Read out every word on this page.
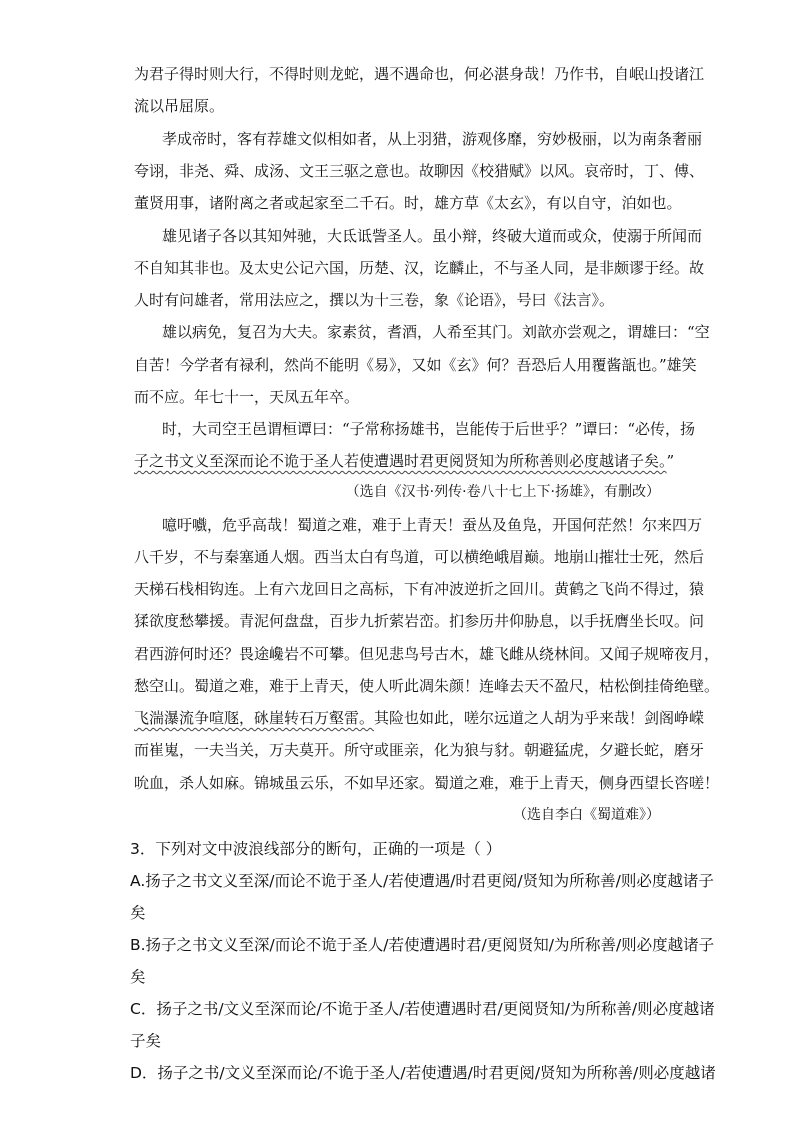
为君子得时则大行，不得时则龙蛇，遇不遇命也，何必湛身哉！乃作书，自岷山投诸江
流以吊屈原。
孝成帝时，客有荐雄文似相如者，从上羽猎，游观侈靡，穷妙极丽，以为南条奢丽
夸诩，非尧、舜、成汤、文王三驱之意也。故聊因《校猎赋》以风。哀帝时，丁、傅、
董贤用事，诸附离之者或起家至二千石。时，雄方草《太玄》，有以自守，泊如也。
雄见诸子各以其知舛驰，大氐诋訾圣人。虽小辩，终破大道而或众，使溺于所闻而
不自知其非也。及太史公记六国，历楚、汉，讫麟止，不与圣人同，是非颇谬于经。故
人时有问雄者，常用法应之，撰以为十三卷，象《论语》，号曰《法言》。
雄以病免，复召为大夫。家素贫，耆酒，人希至其门。刘歆亦尝观之，谓雄曰：“空
自苦！今学者有禄利，然尚不能明《易》，又如《玄》何？吾恐后人用覆酱瓿也。”雄笑
而不应。年七十一，天凤五年卒。
时，大司空王邑谓桓谭曰：“子常称扬雄书，岂能传于后世乎？”谭曰：“必传，扬
子之书文义至深而论不诡于圣人若使遭遇时君更阅贤知为所称善则必度越诸子矣。”
（选自《汉书·列传·卷八十七上下·扬雄》，有删改）
噫吁嚱，危乎高哉！蜀道之难，难于上青天！蚕丛及鱼凫，开国何茫然！尔来四万
八千岁，不与秦塞通人烟。西当太白有鸟道，可以横绝峨眉巅。地崩山摧壮士死，然后
天梯石栈相钩连。上有六龙回日之高标，下有冲波逆折之回川。黄鹤之飞尚不得过，猿
猱欲度愁攀援。青泥何盘盘，百步九折萦岩峦。扪参历井仰胁息，以手抚膺坐长叹。问
君西游何时还？畏途巉岩不可攀。但见悲鸟号古木，雄飞雌从绕林间。又闻子规啼夜月，
愁空山。蜀道之难，难于上青天，使人听此凋朱颜！连峰去天不盈尺，枯松倒挂倚绝壁。
飞湍瀑流争喧豗，砯崖转石万壑雷。其险也如此，嗟尔远道之人胡为乎来哉！剑阁峥嵘
而崔嵬，一夫当关，万夫莫开。所守或匪亲，化为狼与豺。朝避猛虎，夕避长蛇，磨牙
吮血，杀人如麻。锦城虽云乐，不如早还家。蜀道之难，难于上青天，侧身西望长咨嗟！
（选自李白《蜀道难》）
3．下列对文中波浪线部分的断句，正确的一项是（ ）
A.扬子之书文义至深/而论不诡于圣人/若使遭遇/时君更阅/贤知为所称善/则必度越诸子
矣
B.扬子之书文义至深/而论不诡于圣人/若使遭遇时君/更阅贤知/为所称善/则必度越诸子
矣
C．扬子之书/文义至深而论/不诡于圣人/若使遭遇时君/更阅贤知/为所称善/则必度越诸
子矣
D．扬子之书/文义至深而论/不诡于圣人/若使遭遇/时君更阅/贤知为所称善/则必度越诸
